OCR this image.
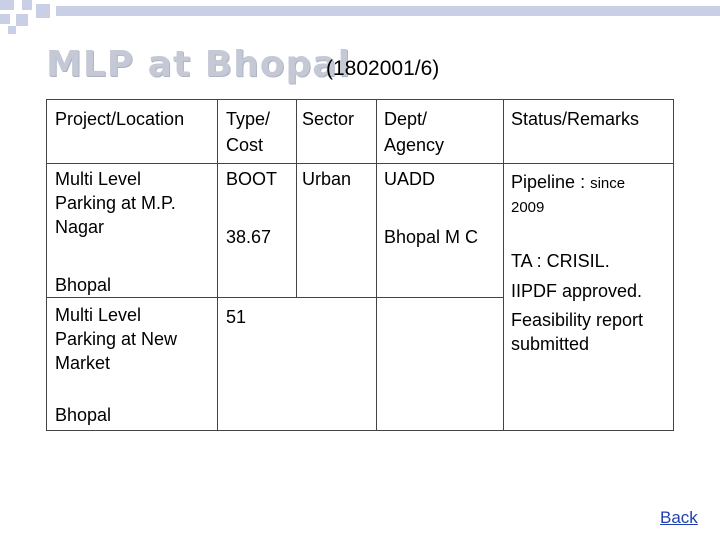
MLP at Bhopal
(1802001/6)
Project/Location Type/
Cost
Sector Dept/
Agency
Status/Remarks
Multi Level
Parking at M.P.
Nagar
Bhopal
BOOT
38.67
Urban UADD
Bhopal M C
Multi Level
Parking at New
Market
Bhopal
51
Pipeline : since
2009
TA : CRISIL.
IIPDF approved.
Feasibility report
submitted
Back
